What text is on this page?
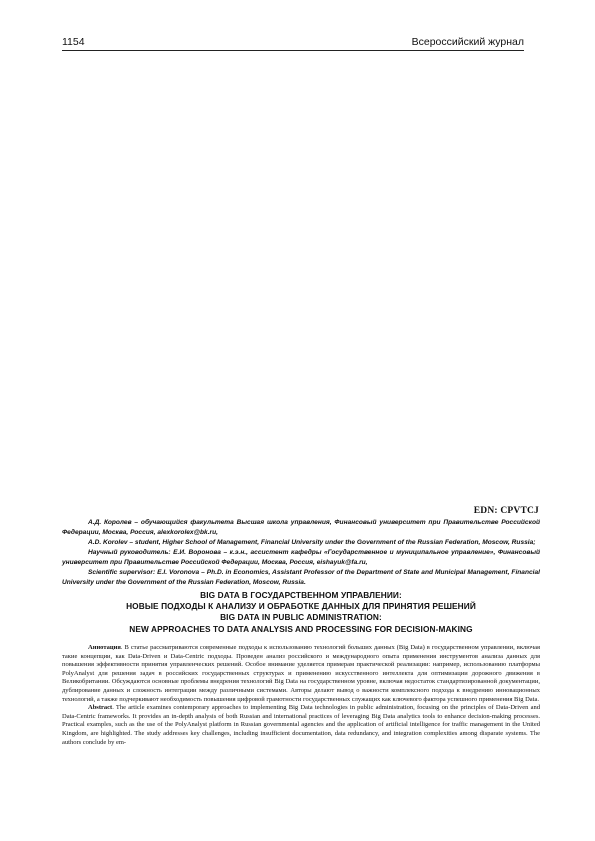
1154	Всероссийский журнал
EDN: CPVTCJ

А.Д. Королев – обучающийся факультета Высшая школа управления, Финансовый университет при Правительстве Российской Федерации, Москва, Россия, alexkorolex@bk.ru,

A.D. Korolev – student, Higher School of Management, Financial University under the Government of the Russian Federation, Moscow, Russia;

Научный руководитель: Е.И. Воронова – к.э.н., ассистент кафедры «Государственное и муниципальное управление», Финансовый университет при Правительстве Российской Федерации, Москва, Россия, eishayuk@fa.ru,

Scientific supervisor: E.I. Voronova – Ph.D. in Economics, Assistant Professor of the Department of State and Municipal Management, Financial University under the Government of the Russian Federation, Moscow, Russia.

BIG DATA В ГОСУДАРСТВЕННОМ УПРАВЛЕНИИ:
НОВЫЕ ПОДХОДЫ К АНАЛИЗУ И ОБРАБОТКЕ ДАННЫХ ДЛЯ ПРИНЯТИЯ РЕШЕНИЙ
BIG DATA IN PUBLIC ADMINISTRATION:
NEW APPROACHES TO DATA ANALYSIS AND PROCESSING FOR DECISION-MAKING

Аннотация. В статье рассматриваются современные подходы к использованию технологий больших данных (Big Data) в государственном управлении, включая такие концепции, как Data-Driven и Data-Centric подходы. Проведен анализ российского и международного опыта применения инструментов анализа данных для повышения эффективности принятия управленческих решений. Особое внимание уделяется примерам практической реализации: например, использованию платформы PolyAnalyst для решения задач в российских государственных структурах и применению искусственного интеллекта для оптимизации дорожного движения в Великобритании. Обсуждаются основные проблемы внедрения технологий Big Data на государственном уровне, включая недостаток стандартизированной документации, дублирование данных и сложность интеграции между различными системами. Авторы делают вывод о важности комплексного подхода к внедрению инновационных технологий, а также подчеркивают необходимость повышения цифровой грамотности государственных служащих как ключевого фактора успешного применения Big Data.

Abstract. The article examines contemporary approaches to implementing Big Data technologies in public administration, focusing on the principles of Data-Driven and Data-Centric frameworks. It provides an in-depth analysis of both Russian and international practices of leveraging Big Data analytics tools to enhance decision-making processes. Practical examples, such as the use of the PolyAnalyst platform in Russian governmental agencies and the application of artificial intelligence for traffic management in the United Kingdom, are highlighted. The study addresses key challenges, including insufficient documentation, data redundancy, and integration complexities among disparate systems. The authors conclude by em-
